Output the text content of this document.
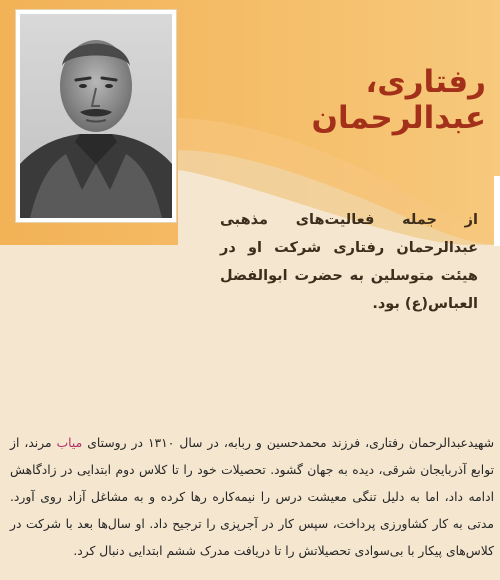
رفتاری، عبدالرحمان
از جمله فعالیت‌های مذهبی عبدالرحمان رفتاری شرکت او در هیئت متوسلین به حضرت ابوالفضل العباس(ع) بود.
شهیدعبدالرحمان رفتاری، فرزند محمدحسین و ربابه، در سال ۱۳۱۰ در روستای میاب مرند، از توابع آذربایجان شرقی، دیده به جهان گشود. تحصیلات خود را تا کلاس دوم ابتدایی در زادگاهش ادامه داد، اما به دلیل تنگی معیشت درس را نیمه‌کاره رها کرده و به مشاغل آزاد روی آورد. مدتی به کار کشاورزی پرداخت، سپس کار در آجرپزی را ترجیح داد. او سال‌ها بعد با شرکت در کلاس‌های پیکار با بی‌سوادی تحصیلاتش را تا دریافت مدرک ششم ابتدایی دنبال کرد.
